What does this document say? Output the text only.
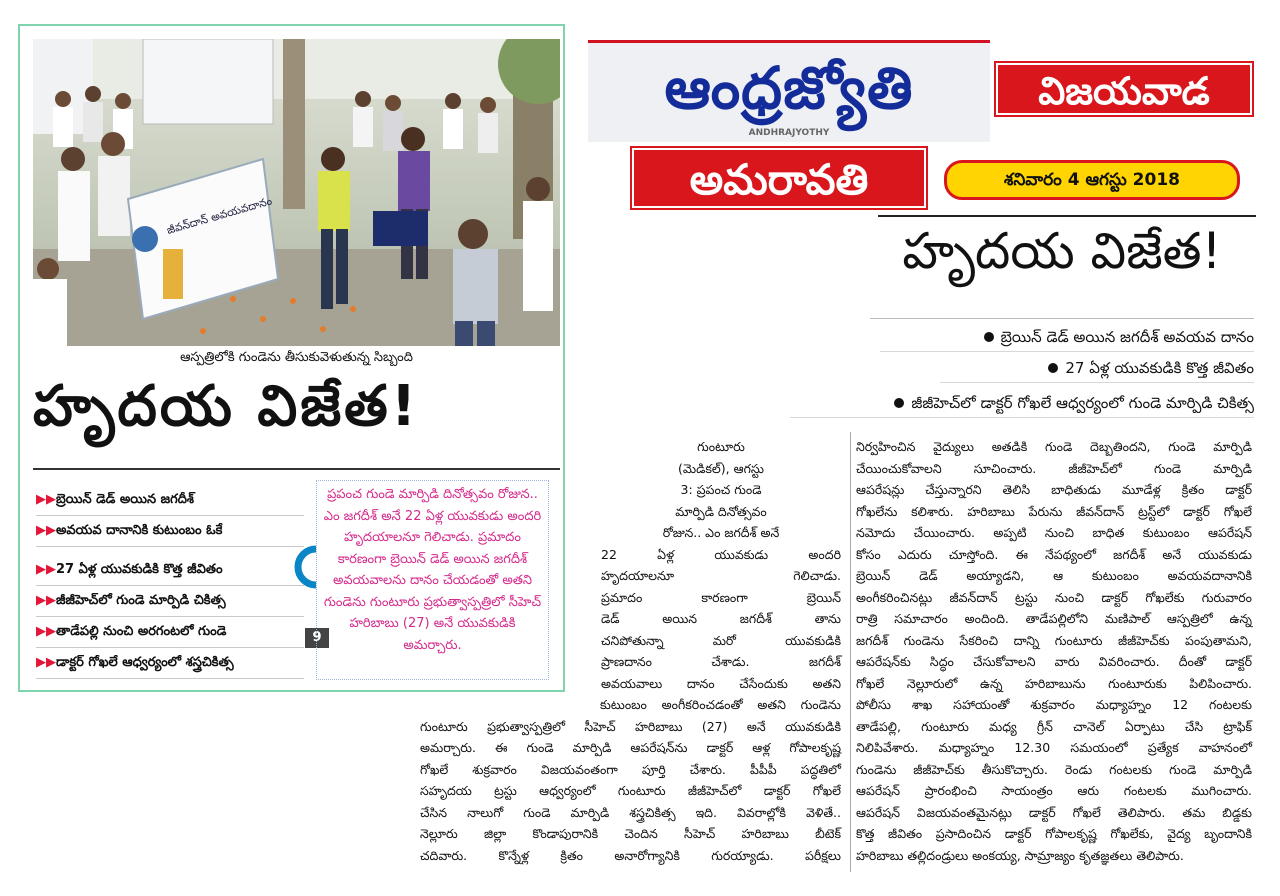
జీవన్‌దాన్ అవయవదానం
ఆస్పత్రిలోకి గుండెను తీసుకువెళుతున్న సిబ్బంది
హృదయ విజేత!
▶▶బ్రెయిన్ డెడ్ అయిన జగదీశ్
▶▶అవయవ దానానికి కుటుంబం ఓకే
▶▶27 ఏళ్ల యువకుడికి కొత్త జీవితం
▶▶జీజీహెచ్‌లో గుండె మార్పిడి చికిత్స
▶▶తాడేపల్లి నుంచి అరగంటలో గుండె
▶▶డాక్టర్ గోఖలే ఆధ్వర్యంలో శస్త్రచికిత్స
9
ప్రపంచ గుండె మార్పిడి దినోత్సవం రోజున.. ఎం జగదీశ్ అనే 22 ఏళ్ల యువకుడు అందరి హృదయాలనూ గెలిచాడు. ప్రమాదం కారణంగా బ్రెయిన్ డెడ్ అయిన జగదీశ్ అవయవాలను దానం చేయడంతో అతని గుండెను గుంటూరు ప్రభుత్వాస్పత్రిలో సీహెచ్ హరిబాబు (27) అనే యువకుడికి అమర్చారు.
ఆంధ్రజ్యోతి
ANDHRAJYOTHY
విజయవాడ
అమరావతి	శనివారం 4 ఆగస్టు 2018
హృదయ విజేత!
బ్రెయిన్ డెడ్ అయిన జగదీశ్ అవయవ దానం
27 ఏళ్ల యువకుడికి కొత్త జీవితం
జీజీహెచ్‌లో డాక్టర్ గోఖలే ఆధ్వర్యంలో గుండె మార్పిడి చికిత్స
గుంటూరు
(మెడికల్), ఆగస్టు
3: ప్రపంచ గుండె
మార్పిడి దినోత్సవం
రోజున.. ఎం జగదీశ్ అనే
22 ఏళ్ల యువకుడు అందరి
హృదయాలనూ గెలిచాడు.
ప్రమాదం కారణంగా బ్రెయిన్
డెడ్ అయిన జగదీశ్ తాను
చనిపోతున్నా మరో యువకుడికి
ప్రాణదానం చేశాడు. జగదీశ్
అవయవాలు దానం చేసేందుకు అతని
కుటుంబం అంగీకరించడంతో అతని గుండెను
గుంటూరు ప్రభుత్వాస్పత్రిలో సీహెచ్ హరిబాబు (27) అనే యువకుడికి
అమర్చారు. ఈ గుండె మార్పిడి ఆపరేషన్‌ను డాక్టర్ ఆళ్ల గోపాలకృష్ణ
గోఖలే శుక్రవారం విజయవంతంగా పూర్తి చేశారు. పీపీపీ పద్ధతిలో
సహృదయ ట్రస్టు ఆధ్వర్యంలో గుంటూరు జీజీహెచ్‌లో డాక్టర్ గోఖలే
చేసిన నాలుగో గుండె మార్పిడి శస్త్రచికిత్స ఇది. వివరాల్లోకి వెళితే..
నెల్లూరు జిల్లా కొండాపురానికి చెందిన సీహెచ్ హరిబాబు బీటెక్
చదివారు. కొన్నేళ్ల క్రితం అనారోగ్యానికి గురయ్యాడు. పరీక్షలు
నిర్వహించిన వైద్యులు అతడికి గుండె దెబ్బతిందని, గుండె మార్పిడి
చేయించుకోవాలని సూచించారు. జీజీహెచ్‌లో గుండె మార్పిడి
ఆపరేషన్లు చేస్తున్నారని తెలిసి బాధితుడు మూడేళ్ల క్రితం డాక్టర్
గోఖలేను కలిశారు. హరిబాబు పేరును జీవన్‌దాన్ ట్రస్ట్‌లో డాక్టర్ గోఖలే
నమోదు చేయించారు. అప్పటి నుంచి బాధిత కుటుంబం ఆపరేషన్
కోసం ఎదురు చూస్తోంది. ఈ నేపథ్యంలో జగదీశ్ అనే యువకుడు
బ్రెయిన్ డెడ్ అయ్యాడని, ఆ కుటుంబం అవయవదానానికి
అంగీకరించినట్లు జీవన్‌దాన్ ట్రస్టు నుంచి డాక్టర్ గోఖలేకు గురువారం
రాత్రి సమాచారం అందింది. తాడేపల్లిలోని మణిపాల్ ఆస్పత్రిలో ఉన్న
జగదీశ్ గుండెను సేకరించి దాన్ని గుంటూరు జీజీహెచ్‌కు పంపుతామని,
ఆపరేషన్‌కు సిద్ధం చేసుకోవాలని వారు వివరించారు. దీంతో డాక్టర్
గోఖలే నెల్లూరులో ఉన్న హరిబాబును గుంటూరుకు పిలిపించారు.
పోలీసు శాఖ సహాయంతో శుక్రవారం మధ్యాహ్నం 12 గంటలకు
తాడేపల్లి, గుంటూరు మధ్య గ్రీన్ చానెల్ ఏర్పాటు చేసి ట్రాఫిక్
నిలిపివేశారు. మధ్యాహ్నం 12.30 సమయంలో ప్రత్యేక వాహనంలో
గుండెను జీజీహెచ్‌కు తీసుకొచ్చారు. రెండు గంటలకు గుండె మార్పిడి
ఆపరేషన్ ప్రారంభించి సాయంత్రం ఆరు గంటలకు ముగించారు.
ఆపరేషన్ విజయవంతమైనట్లు డాక్టర్ గోఖలే తెలిపారు. తమ బిడ్డకు
కొత్త జీవితం ప్రసాదించిన డాక్టర్ గోపాలకృష్ణ గోఖలేకు, వైద్య బృందానికి
హరిబాబు తల్లిదండ్రులు అంకయ్య, సామ్రాజ్యం కృతజ్ఞతలు తెలిపారు.
